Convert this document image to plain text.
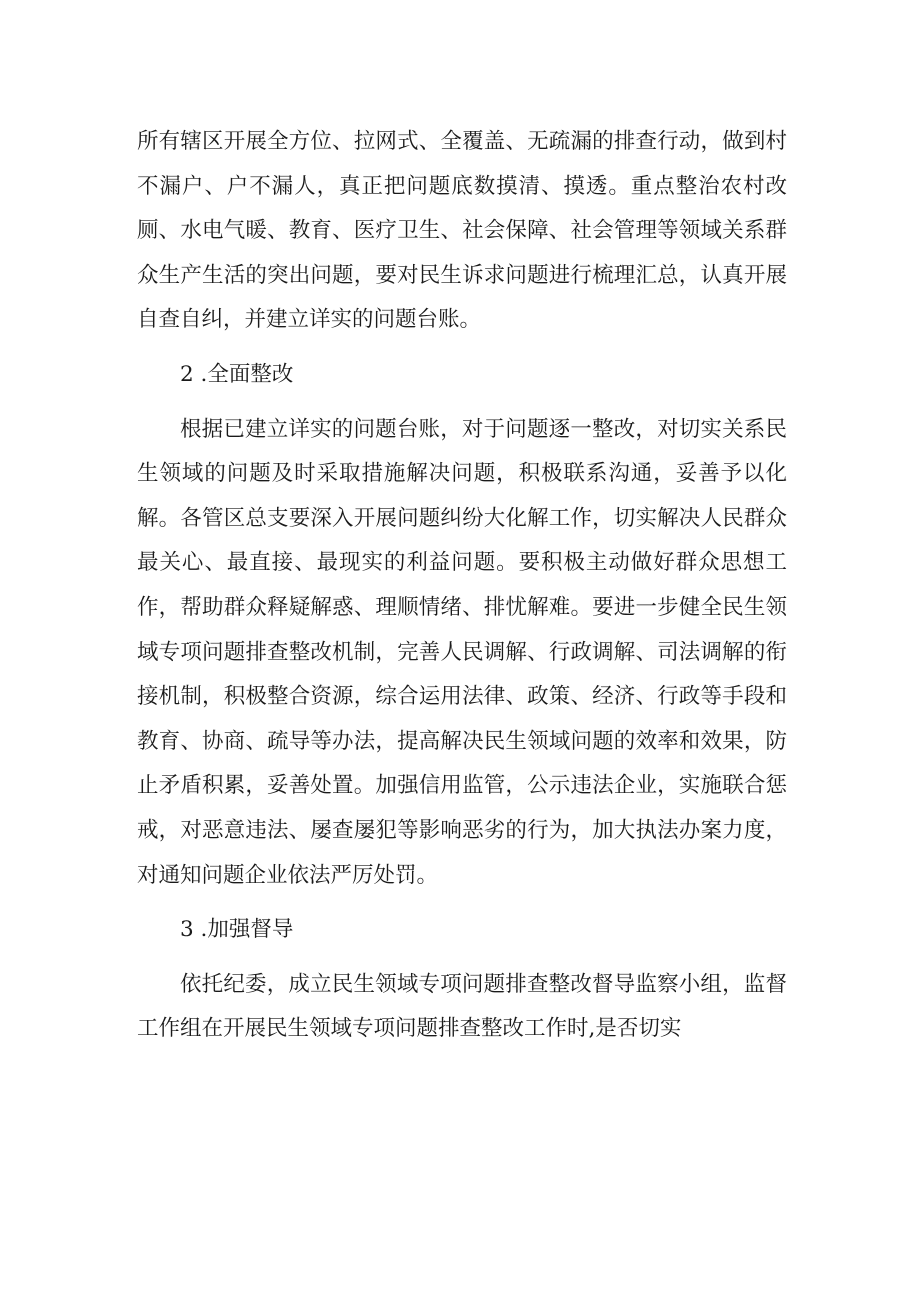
所有辖区开展全方位、拉网式、全覆盖、无疏漏的排查行动，做到村不漏户、户不漏人，真正把问题底数摸清、摸透。重点整治农村改厕、水电气暖、教育、医疗卫生、社会保障、社会管理等领域关系群众生产生活的突出问题，要对民生诉求问题进行梳理汇总，认真开展自查自纠，并建立详实的问题台账。

2 .全面整改

根据已建立详实的问题台账，对于问题逐一整改，对切实关系民生领域的问题及时采取措施解决问题，积极联系沟通，妥善予以化解。各管区总支要深入开展问题纠纷大化解工作，切实解决人民群众最关心、最直接、最现实的利益问题。要积极主动做好群众思想工作，帮助群众释疑解惑、理顺情绪、排忧解难。要进一步健全民生领域专项问题排查整改机制，完善人民调解、行政调解、司法调解的衔接机制，积极整合资源，综合运用法律、政策、经济、行政等手段和教育、协商、疏导等办法，提高解决民生领域问题的效率和效果，防止矛盾积累，妥善处置。加强信用监管，公示违法企业，实施联合惩戒，对恶意违法、屡查屡犯等影响恶劣的行为，加大执法办案力度，对通知问题企业依法严厉处罚。

3 .加强督导

依托纪委，成立民生领域专项问题排查整改督导监察小组，监督工作组在开展民生领域专项问题排查整改工作时,是否切实
